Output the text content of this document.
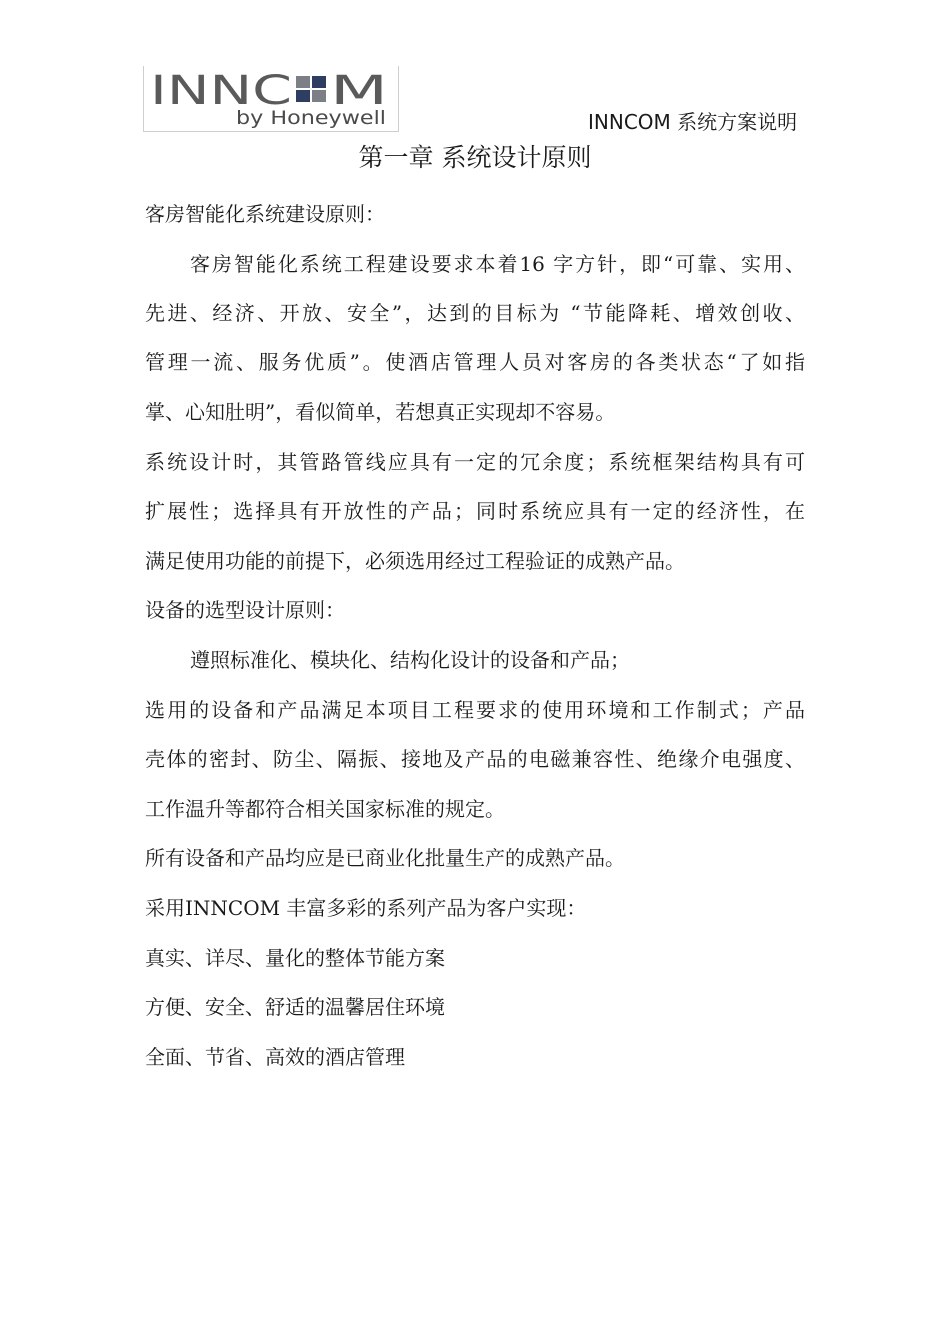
INNC M
by Honeywell	INNCOM 系统方案说明
第一章 系统设计原则
客房智能化系统建设原则：
客房智能化系统工程建设要求本着16 字方针，即“可靠、实用、
先进、经济、开放、安全”，达到的目标为 “节能降耗、增效创收、
管理一流、服务优质”。使酒店管理人员对客房的各类状态“了如指
掌、心知肚明”，看似简单，若想真正实现却不容易。
系统设计时，其管路管线应具有一定的冗余度；系统框架结构具有可
扩展性；选择具有开放性的产品；同时系统应具有一定的经济性，在
满足使用功能的前提下，必须选用经过工程验证的成熟产品。
设备的选型设计原则：
遵照标准化、模块化、结构化设计的设备和产品；
选用的设备和产品满足本项目工程要求的使用环境和工作制式；产品
壳体的密封、防尘、隔振、接地及产品的电磁兼容性、绝缘介电强度、
工作温升等都符合相关国家标准的规定。
所有设备和产品均应是已商业化批量生产的成熟产品。
采用INNCOM 丰富多彩的系列产品为客户实现：
真实、详尽、量化的整体节能方案
方便、安全、舒适的温馨居住环境
全面、节省、高效的酒店管理
